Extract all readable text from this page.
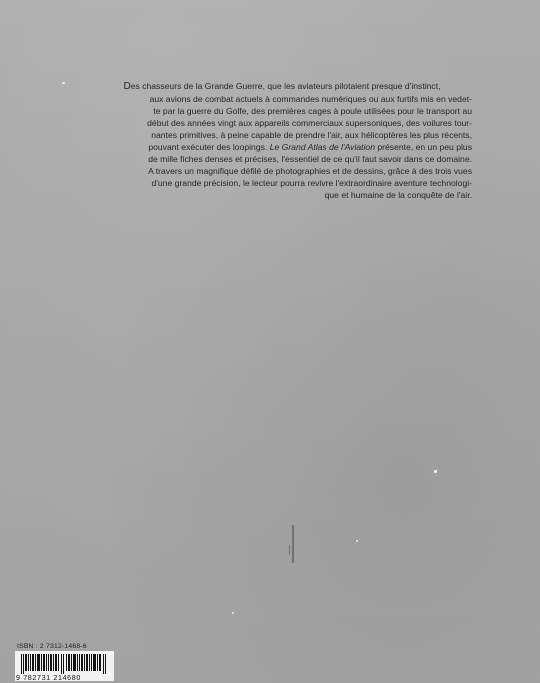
Des chasseurs de la Grande Guerre, que les aviateurs pilotaient presque d'instinct,
aux avions de combat actuels à commandes numériques ou aux furtifs mis en vedet-
te par la guerre du Golfe, des premières cages à poule utilisées pour le transport au
début des années vingt aux appareils commerciaux supersoniques, des voilures tour-
nantes primitives, à peine capable de prendre l'air, aux hélicoptères les plus récents,
pouvant exécuter des loopings. Le Grand Atlas de l'Aviation présente, en un peu plus
de mille fiches denses et précises, l'essentiel de ce qu'il faut savoir dans ce domaine.
A travers un magnifique défilé de photographies et de dessins, grâce à des trois vues
d'une grande précision, le lecteur pourra revivre l'extraordinaire aventure technologi-
que et humaine de la conquête de l'air.

ISBN : 2 7312-1468-6
9 782731 214680
